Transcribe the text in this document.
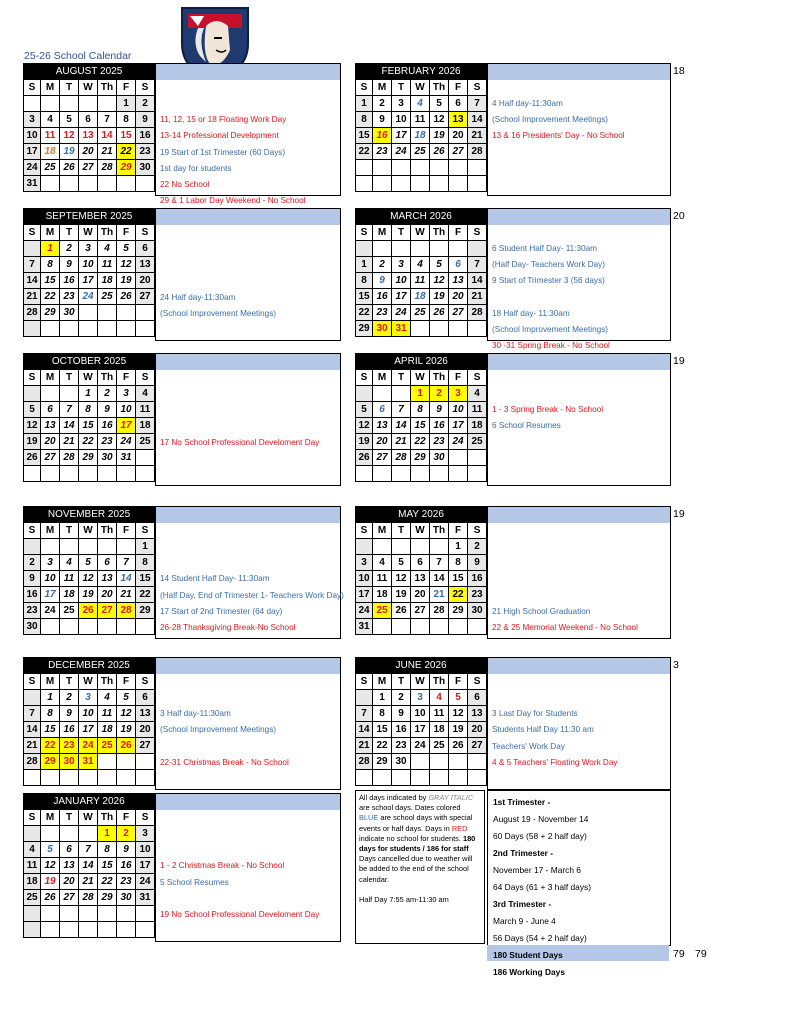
25-26 School Calendar
AUGUST 2025						
S	M	T	W	Th	F	S
					1	2
3	4	5	6	7	8	9
10	11	12	13	14	15	16
17	18	19	20	21	22	23
24	25	26	27	28	29	30
31						
11, 12, 15 or 18 Floating Work Day
13-14 Professional Development
19 Start of 1st Trimester (60 Days)
1st day for students
22 No School
29 & 1 Labor Day Weekend - No School
FEBRUARY 2026						
S	M	T	W	Th	F	S
1	2	3	4	5	6	7
8	9	10	11	12	13	14
15	16	17	18	19	20	21
22	23	24	25	26	27	28

4 Half day-11:30am
(School Improvement Meetings)
13 & 16 Presidents' Day - No School
18
SEPTEMBER 2025						
S	M	T	W	Th	F	S
	1	2	3	4	5	6
7	8	9	10	11	12	13
14	15	16	17	18	19	20
21	22	23	24	25	26	27
28	29	30				

24 Half day-11:30am
(School Improvement Meetings)
MARCH 2026						
S	M	T	W	Th	F	S

1	2	3	4	5	6	7
8	9	10	11	12	13	14
15	16	17	18	19	20	21
22	23	24	25	26	27	28
29	30	31				
6 Student Half Day- 11:30am
(Half Day- Teachers Work Day)
9 Start of Trimester 3 (56 days)
18 Half day- 11:30am
(School Improvement Meetings)
30 -31 Spring Break - No School
20
OCTOBER 2025						
S	M	T	W	Th	F	S
			1	2	3	4
5	6	7	8	9	10	11
12	13	14	15	16	17	18
19	20	21	22	23	24	25
26	27	28	29	30	31	

17 No School Professional Develoment Day
APRIL 2026						
S	M	T	W	Th	F	S
			1	2	3	4
5	6	7	8	9	10	11
12	13	14	15	16	17	18
19	20	21	22	23	24	25
26	27	28	29	30		

1 - 3 Spring Break - No School
6 School Resumes
19
NOVEMBER 2025						
S	M	T	W	Th	F	S
						1
2	3	4	5	6	7	8
9	10	11	12	13	14	15
16	17	18	19	20	21	22
23	24	25	26	27	28	29
30						
14 Student Half Day- 11:30am
(Half Day, End of Trimester 1- Teachers Work Day)
17 Start of 2nd Trimester (64 day)
26-28 Thanksgiving Break-No School
MAY 2026						
S	M	T	W	Th	F	S
					1	2
3	4	5	6	7	8	9
10	11	12	13	14	15	16
17	18	19	20	21	22	23
24	25	26	27	28	29	30
31						
21 High School Graduation
22 & 25 Memorial Weekend - No School
19
DECEMBER 2025						
S	M	T	W	Th	F	S
	1	2	3	4	5	6
7	8	9	10	11	12	13
14	15	16	17	18	19	20
21	22	23	24	25	26	27
28	29	30	31			

3 Half day-11:30am
(School Improvement Meetings)
22-31 Christmas Break - No School
JUNE 2026						
S	M	T	W	Th	F	S
	1	2	3	4	5	6
7	8	9	10	11	12	13
14	15	16	17	18	19	20
21	22	23	24	25	26	27
28	29	30				

3 Last Day for Students
Students Half Day 11:30 am
Teachers' Work Day
4 & 5 Teachers' Floating Work Day
3
JANUARY 2026						
S	M	T	W	Th	F	S
				1	2	3
4	5	6	7	8	9	10
11	12	13	14	15	16	17
18	19	20	21	22	23	24
25	26	27	28	29	30	31

1 - 2 Christmas Break - No School
5 School Resumes
19 No School Professional Develoment Day
All days indicated by GRAY ITALIC are school days. Dates colored BLUE are school days with special events or half days. Days in RED indicate no school for students. 180 days for students / 186 for staff Days cancelled due to weather will be added to the end of the school calendar.

Half Day 7:55 am-11:30 am
1st Trimester -
August 19 - November 14
60 Days (58 + 2 half day)
2nd Trimester -
November 17 - March 6
64 Days (61 + 3 half days)
3rd Trimester -
March 9 - June 4
56 Days (54 + 2 half day)
180 Student Days
186 Working Days
79 79
